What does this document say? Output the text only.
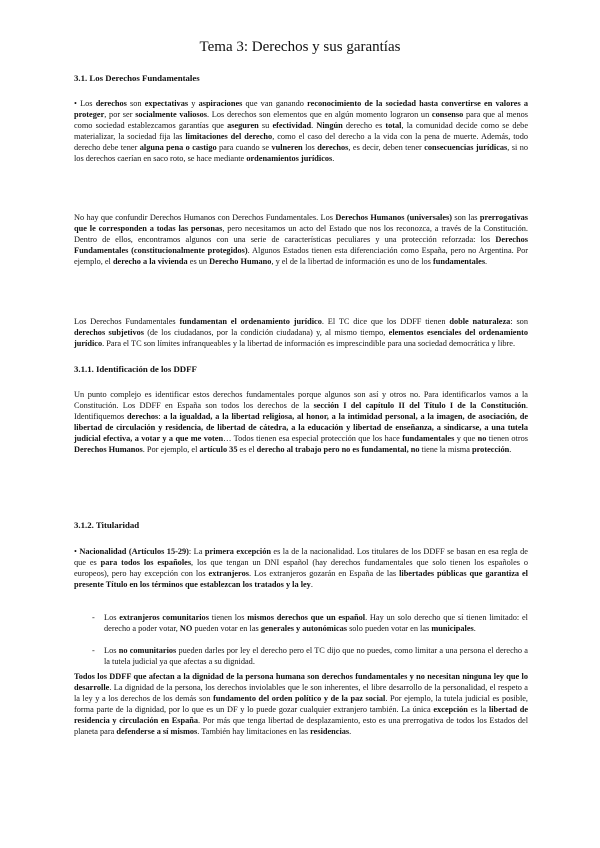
Tema 3: Derechos y sus garantías
3.1. Los Derechos Fundamentales
• Los derechos son expectativas y aspiraciones que van ganando reconocimiento de la sociedad hasta convertirse en valores a proteger, por ser socialmente valiosos. Los derechos son elementos que en algún momento lograron un consenso para que al menos como sociedad establezcamos garantías que aseguren su efectividad. Ningún derecho es total, la comunidad decide como se debe materializar, la sociedad fija las limitaciones del derecho, como el caso del derecho a la vida con la pena de muerte. Además, todo derecho debe tener alguna pena o castigo para cuando se vulneren los derechos, es decir, deben tener consecuencias jurídicas, si no los derechos caerían en saco roto, se hace mediante ordenamientos jurídicos.
No hay que confundir Derechos Humanos con Derechos Fundamentales. Los Derechos Humanos (universales) son las prerrogativas que le corresponden a todas las personas, pero necesitamos un acto del Estado que nos los reconozca, a través de la Constitución. Dentro de ellos, encontramos algunos con una serie de características peculiares y una protección reforzada: los Derechos Fundamentales (constitucionalmente protegidos). Algunos Estados tienen esta diferenciación como España, pero no Argentina. Por ejemplo, el derecho a la vivienda es un Derecho Humano, y el de la libertad de información es uno de los fundamentales.
Los Derechos Fundamentales fundamentan el ordenamiento jurídico. El TC dice que los DDFF tienen doble naturaleza: son derechos subjetivos (de los ciudadanos, por la condición ciudadana) y, al mismo tiempo, elementos esenciales del ordenamiento jurídico. Para el TC son límites infranqueables y la libertad de información es imprescindible para una sociedad democrática y libre.
3.1.1. Identificación de los DDFF
Un punto complejo es identificar estos derechos fundamentales porque algunos son así y otros no. Para identificarlos vamos a la Constitución. Los DDFF en España son todos los derechos de la sección I del capítulo II del Título I de la Constitución. Identifiquemos derechos: a la igualdad, a la libertad religiosa, al honor, a la intimidad personal, a la imagen, de asociación, de libertad de circulación y residencia, de libertad de cátedra, a la educación y libertad de enseñanza, a sindicarse, a una tutela judicial efectiva, a votar y a que me voten… Todos tienen esa especial protección que los hace fundamentales y que no tienen otros Derechos Humanos. Por ejemplo, el artículo 35 es el derecho al trabajo pero no es fundamental, no tiene la misma protección.
3.1.2. Titularidad
• Nacionalidad (Artículos 15-29): La primera excepción es la de la nacionalidad. Los titulares de los DDFF se basan en esa regla de que es para todos los españoles, los que tengan un DNI español (hay derechos fundamentales que solo tienen los españoles o europeos), pero hay excepción con los extranjeros. Los extranjeros gozarán en España de las libertades públicas que garantiza el presente Título en los términos que establezcan los tratados y la ley.
- Los extranjeros comunitarios tienen los mismos derechos que un español. Hay un solo derecho que sí tienen limitado: el derecho a poder votar, NO pueden votar en las generales y autonómicas solo pueden votar en las municipales.
- Los no comunitarios pueden darles por ley el derecho pero el TC dijo que no puedes, como limitar a una persona el derecho a la tutela judicial ya que afectas a su dignidad.
Todos los DDFF que afectan a la dignidad de la persona humana son derechos fundamentales y no necesitan ninguna ley que lo desarrolle. La dignidad de la persona, los derechos inviolables que le son inherentes, el libre desarrollo de la personalidad, el respeto a la ley y a los derechos de los demás son fundamento del orden político y de la paz social. Por ejemplo, la tutela judicial es posible, forma parte de la dignidad, por lo que es un DF y lo puede gozar cualquier extranjero también. La única excepción es la libertad de residencia y circulación en España. Por más que tenga libertad de desplazamiento, esto es una prerrogativa de todos los Estados del planeta para defenderse a sí mismos. También hay limitaciones en las residencias.
